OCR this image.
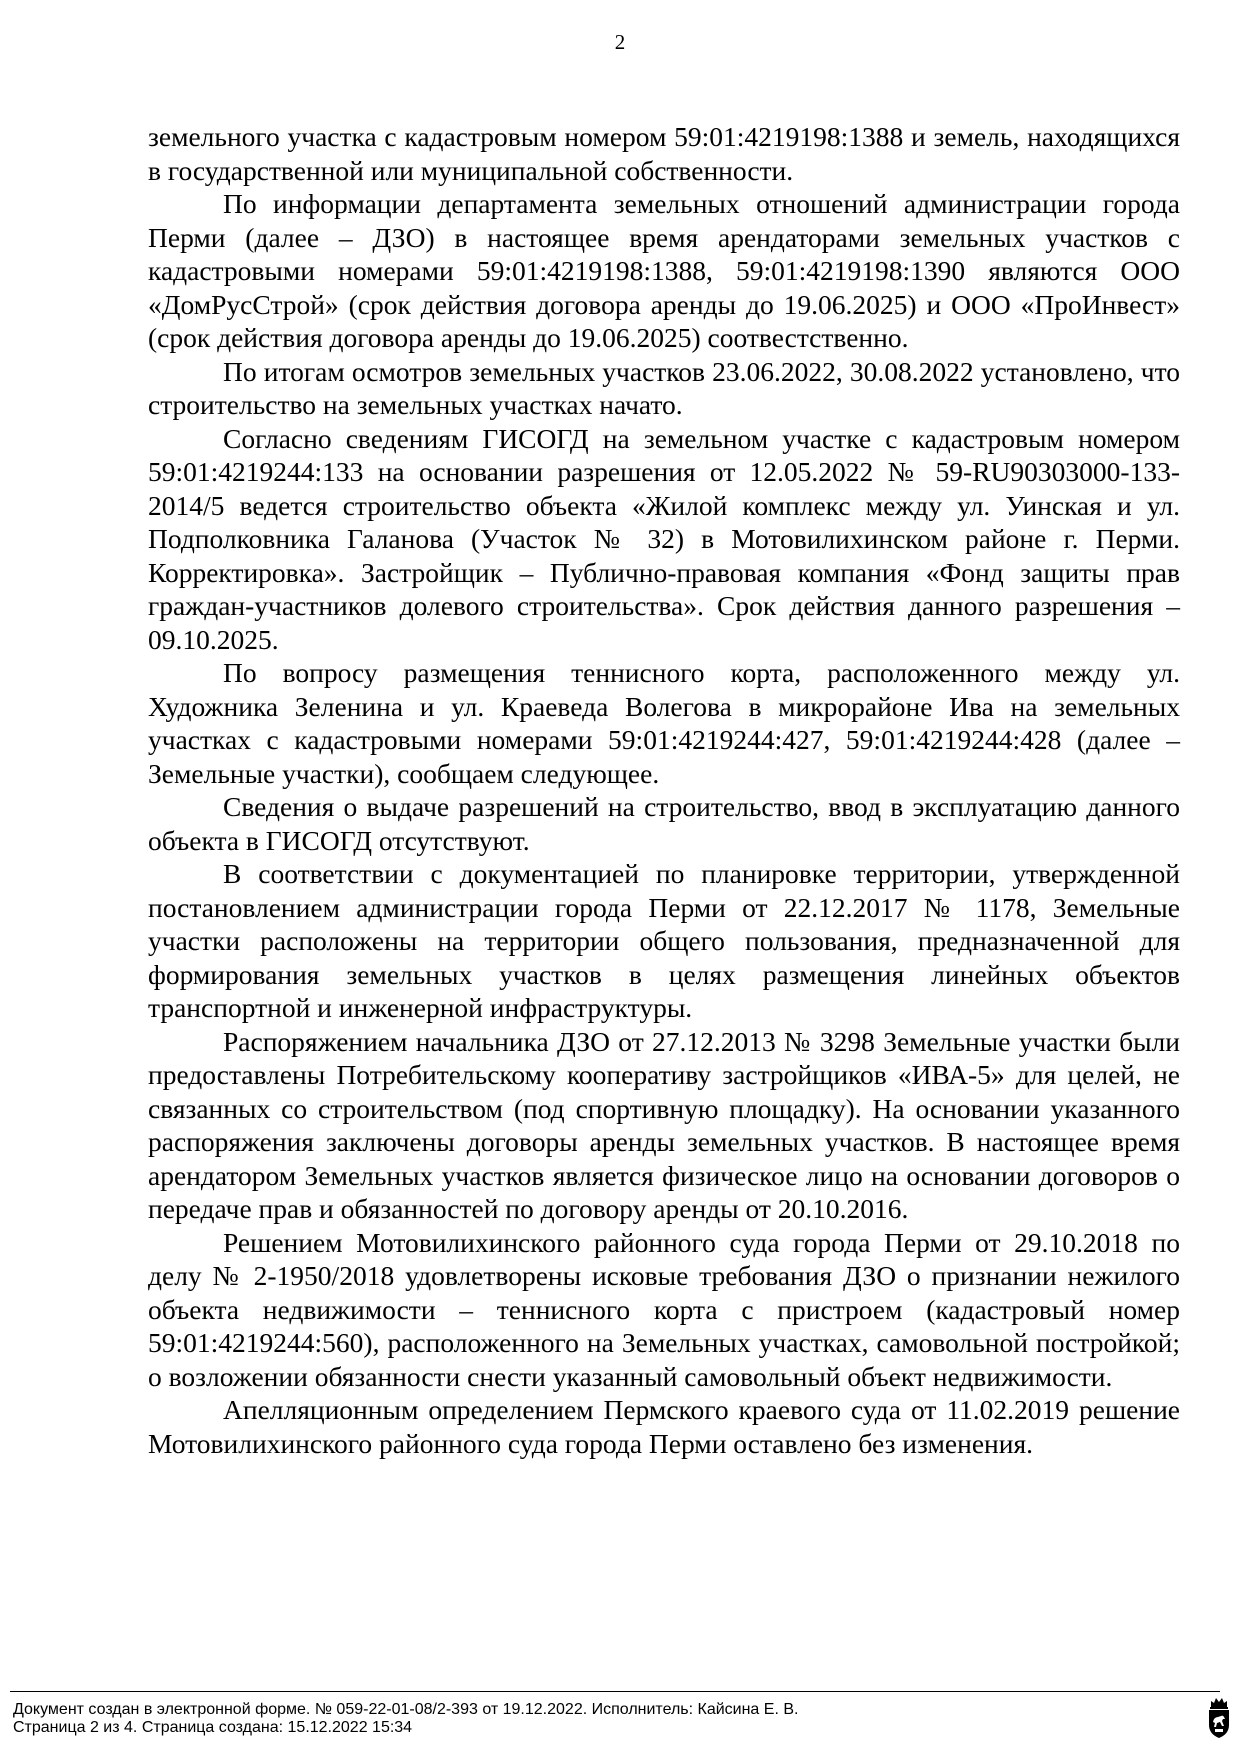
2

земельного участка с кадастровым номером 59:01:4219198:1388 и земель, находящихся в государственной или муниципальной собственности.

По информации департамента земельных отношений администрации города Перми (далее – ДЗО) в настоящее время арендаторами земельных участков с кадастровыми номерами 59:01:4219198:1388, 59:01:4219198:1390 являются ООО «ДомРусСтрой» (срок действия договора аренды до 19.06.2025) и ООО «ПроИнвест» (срок действия договора аренды до 19.06.2025) соотвестственно.

По итогам осмотров земельных участков 23.06.2022, 30.08.2022 установлено, что строительство на земельных участках начато.

Согласно сведениям ГИСОГД на земельном участке с кадастровым номером 59:01:4219244:133 на основании разрешения от 12.05.2022 № 59-RU90303000-133-2014/5 ведется строительство объекта «Жилой комплекс между ул. Уинская и ул. Подполковника Галанова (Участок № 32) в Мотовилихинском районе г. Перми. Корректировка». Застройщик – Публично-правовая компания «Фонд защиты прав граждан-участников долевого строительства». Срок действия данного разрешения – 09.10.2025.

По вопросу размещения теннисного корта, расположенного между ул. Художника Зеленина и ул. Краеведа Волегова в микрорайоне Ива на земельных участках с кадастровыми номерами 59:01:4219244:427, 59:01:4219244:428 (далее – Земельные участки), сообщаем следующее.

Сведения о выдаче разрешений на строительство, ввод в эксплуатацию данного объекта в ГИСОГД отсутствуют.

В соответствии с документацией по планировке территории, утвержденной постановлением администрации города Перми от 22.12.2017 № 1178, Земельные участки расположены на территории общего пользования, предназначенной для формирования земельных участков в целях размещения линейных объектов транспортной и инженерной инфраструктуры.

Распоряжением начальника ДЗО от 27.12.2013 № 3298 Земельные участки были предоставлены Потребительскому кооперативу застройщиков «ИВА-5» для целей, не связанных со строительством (под спортивную площадку). На основании указанного распоряжения заключены договоры аренды земельных участков. В настоящее время арендатором Земельных участков является физическое лицо на основании договоров о передаче прав и обязанностей по договору аренды от 20.10.2016.

Решением Мотовилихинского районного суда города Перми от 29.10.2018 по делу № 2-1950/2018 удовлетворены исковые требования ДЗО о признании нежилого объекта недвижимости – теннисного корта с пристроем (кадастровый номер 59:01:4219244:560), расположенного на Земельных участках, самовольной постройкой; о возложении обязанности снести указанный самовольный объект недвижимости.

Апелляционным определением Пермского краевого суда от 11.02.2019 решение Мотовилихинского районного суда города Перми оставлено без изменения.

Документ создан в электронной форме. № 059-22-01-08/2-393 от 19.12.2022. Исполнитель: Кайсина Е. В.
Страница 2 из 4. Страница создана: 15.12.2022 15:34
